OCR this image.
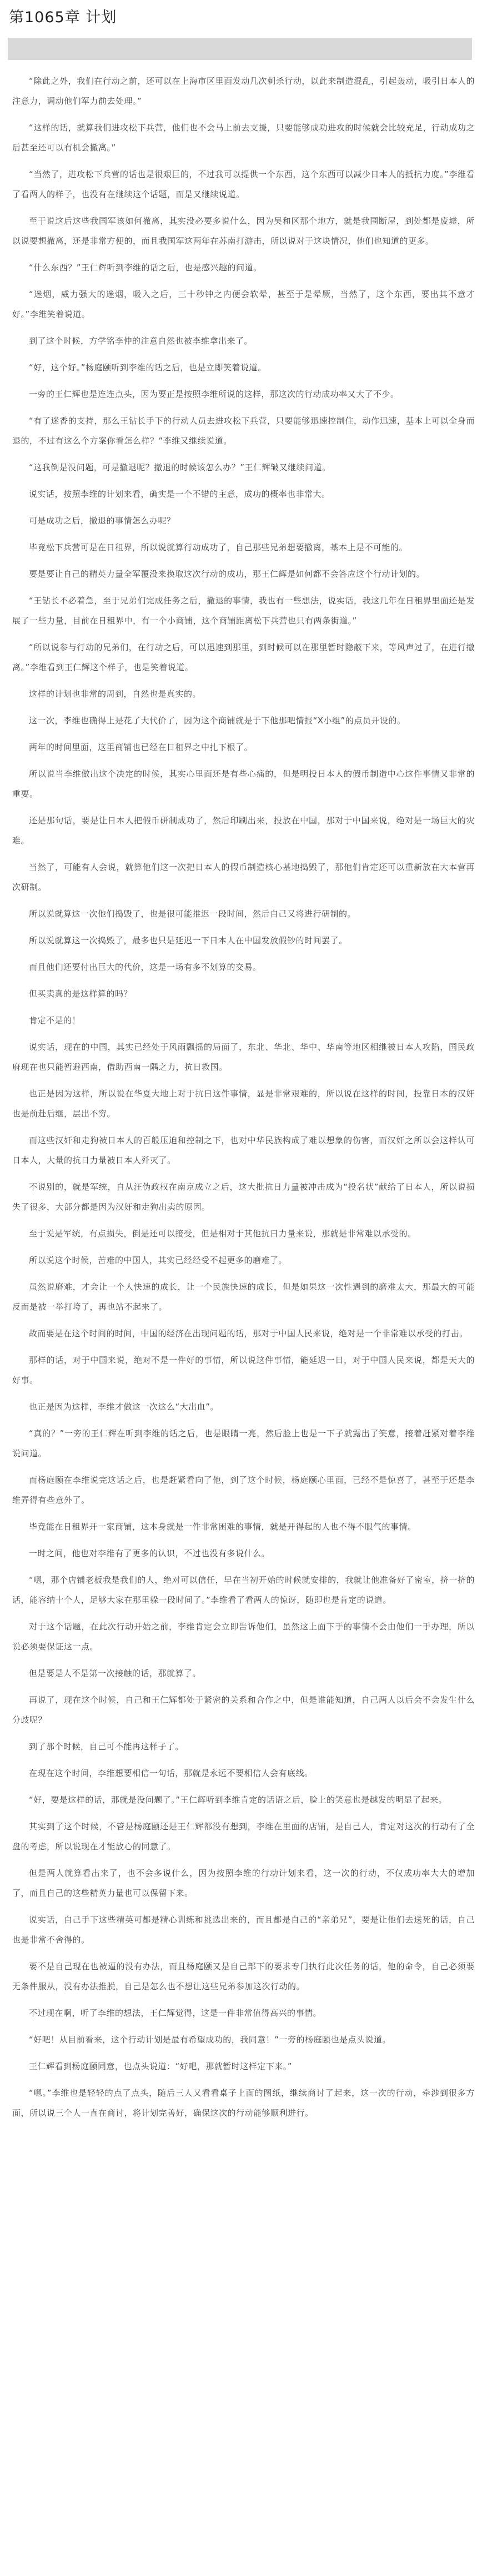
第1065章 计划

“除此之外，我们在行动之前，还可以在上海市区里面发动几次刺杀行动，以此来制造混乱，引起轰动，吸引日本人的注意力，调动他们军力前去处理。”

“这样的话，就算我们进攻松下兵营，他们也不会马上前去支援，只要能够成功进攻的时候就会比较充足，行动成功之后甚至还可以有机会撤离。”

“当然了，进攻松下兵营的话也是很艰巨的，不过我可以提供一个东西，这个东西可以减少日本人的抵抗力度。”李维看了看两人的样子，也没有在继续这个话题，而是又继续说道。

至于说这后这些我国军该如何撤离，其实没必要多说什么，因为吴和区那个地方，就是我围断屋，到处都是废墟，所以说要想撤离，还是非常方便的，而且我国军这两年在苏南打游击，所以说对于这块情况，他们也知道的更多。

“什么东西？”王仁辉听到李维的话之后，也是感兴趣的问道。

“迷烟，威力强大的迷烟，吸入之后，三十秒钟之内便会软晕，甚至于是晕厥，当然了，这个东西，要出其不意才好。”李维笑着说道。

到了这个时候，方学铭李仲的注意自然也被李维拿出来了。

“好，这个好。”杨庭颐听到李维的话之后，也是立即笑着说道。

一旁的王仁辉也是连连点头，因为要正是按照李维所说的这样，那这次的行动成功率又大了不少。

“有了迷香的支持，那么王钻长手下的行动人员去进攻松下兵营，只要能够迅速控制住，动作迅速，基本上可以全身而退的，不过有这么个方案你看怎么样？”李维又继续说道。

“这我倒是没问题，可是撤退呢？撤退的时候该怎么办？”王仁辉皱又继续问道。

说实话，按照李维的计划来看，确实是一个不错的主意，成功的概率也非常大。

可是成功之后，撤退的事情怎么办呢？

毕竟松下兵营可是在日租界，所以说就算行动成功了，自己那些兄弟想要撤离，基本上是不可能的。

要是要让自己的精英力量全军覆没来换取这次行动的成功，那王仁辉是如何都不会答应这个行动计划的。

“王钻长不必着急，至于兄弟们完成任务之后，撤退的事情，我也有一些想法，说实话，我这几年在日租界里面还是发展了一些力量，目前在日租界中，有一个小商铺，这个商铺距离松下兵营也只有两条街道。”

“所以说参与行动的兄弟们，在行动之后，可以迅速到那里，到时候可以在那里暂时隐蔽下来，等风声过了，在进行撤离。”李维看到王仁辉这个样子，也是笑着说道。

这样的计划也非常的周到，自然也是真实的。

这一次，李维也确得上是花了大代价了，因为这个商铺就是于下他那吧情报“X小组”的点员开设的。

两年的时间里面，这里商铺也已经在日租界之中扎下根了。

所以说当李维做出这个决定的时候，其实心里面还是有些心痛的，但是明投日本人的假币制造中心这件事情又非常的重要。

还是那句话，要是让日本人把假币研制成功了，然后印刷出来，投放在中国，那对于中国来说，绝对是一场巨大的灾难。

当然了，可能有人会说，就算他们这一次把日本人的假币制造核心基地捣毁了，那他们肯定还可以重新放在大本营再次研制。

所以说就算这一次他们捣毁了，也是很可能推迟一段时间，然后自己又将进行研制的。

所以说就算这一次捣毁了，最多也只是延迟一下日本人在中国发放假钞的时间罢了。

而且他们还要付出巨大的代价，这是一场有多不划算的交易。

但买卖真的是这样算的吗？

肯定不是的！

说实话，现在的中国，其实已经处于风雨飘摇的局面了，东北、华北、华中、华南等地区相继被日本人攻陷，国民政府现在也只能暂避西南，借助西南一隅之力，抗日救国。

也正是因为这样，所以说在华夏大地上对于抗日这件事情，显是非常艰难的，所以说在这样的时间，投靠日本的汉奸也是前赴后继，层出不穷。

而这些汉奸和走狗被日本人的百般压迫和控制之下，也对中华民族构成了难以想象的伤害，而汉奸之所以会这样认可日本人，大量的抗日力量被日本人歼灭了。

不说别的，就是军统，自从汪伪政权在南京成立之后，这大批抗日力量被冲击成为“投名状”献给了日本人，所以说损失了很多，大部分都是因为汉奸和走狗出卖的原因。

至于说是军统，有点损失，倒是还可以接受，但是相对于其他抗日力量来说，那就是非常难以承受的。

所以说这个时候，苦难的中国人，其实已经经受不起更多的磨难了。

虽然说磨难，才会让一个人快速的成长，让一个民族快速的成长，但是如果这一次性遇到的磨难太大，那最大的可能反而是被一举打垮了，再也站不起来了。

故而要是在这个时间的时间，中国的经济在出现问题的话，那对于中国人民来说，绝对是一个非常难以承受的打击。

那样的话，对于中国来说，绝对不是一件好的事情，所以说这件事情，能延迟一日，对于中国人民来说，都是天大的好事。

也正是因为这样，李维才做这一次这么“大出血”。

“真的？”一旁的王仁辉在听到李维的话之后，也是眼睛一亮，然后脸上也是一下子就露出了笑意，接着赶紧对着李维说问道。

而杨庭颐在李维说完这话之后，也是赶紧看向了他，到了这个时候，杨庭颐心里面，已经不是惊喜了，甚至于还是李维弄得有些意外了。

毕竟能在日租界开一家商铺，这本身就是一件非常困难的事情，就是开得起的人也不得不服气的事情。

一时之间，他也对李维有了更多的认识，不过也没有多说什么。

“嗯，那个店铺老板我是我们的人，绝对可以信任，早在当初开始的时候就安排的，我就让他准备好了密室，挤一挤的话，能容纳十个人，足够大家在那里躲一段时间了。”李维看了看两人的惊讶，随即也是肯定的说道。

对于这个话题，在此次行动开始之前，李维肯定会立即告诉他们，虽然这上面下手的事情不会由他们一手办理，所以说必须要保证这一点。

但是要是人不是第一次接触的话，那就算了。

再说了，现在这个时候，自己和王仁辉都处于紧密的关系和合作之中，但是谁能知道，自己两人以后会不会发生什么分歧呢？

到了那个时候，自己可不能再这样子了。

在现在这个时间，李维想要相信一句话，那就是永远不要相信人会有底线。

“好，要是这样的话，那就是没问题了。”王仁辉听到李维肯定的话语之后，脸上的笑意也是越发的明显了起来。

其实到了这个时候，不管是杨庭颐还是王仁辉都没有想到，李维在里面的店铺，是自己人，肯定对这次的行动有了全盘的考虑，所以说现在才能放心的同意了。

但是两人就算看出来了，也不会多说什么，因为按照李维的行动计划来看，这一次的行动，不仅成功率大大的增加了，而且自己的这些精英力量也可以保留下来。

说实话，自己手下这些精英可都是精心训练和挑选出来的，而且都是自己的“亲弟兄”，要是让他们去送死的话，自己也是非常不舍得的。

要不是自己现在也被逼的没有办法，而且杨庭颐又是自己部下的要求专门执行此次任务的话，他的命令，自己必须要无条件服从，没有办法推脱，自己是怎么也不想让这些兄弟参加这次行动的。

不过现在啊，听了李维的想法，王仁辉觉得，这是一件非常值得高兴的事情。

“好吧！从目前看来，这个行动计划是最有希望成功的，我同意！”一旁的杨庭颐也是点头说道。

王仁辉看到杨庭颐同意，也点头说道：“好吧，那就暂时这样定下来。”

“嗯。”李维也是轻轻的点了点头，随后三人又看看桌子上面的图纸，继续商讨了起来，这一次的行动，牵涉到很多方面，所以说三个人一直在商讨，将计划完善好，确保这次的行动能够顺利进行。
